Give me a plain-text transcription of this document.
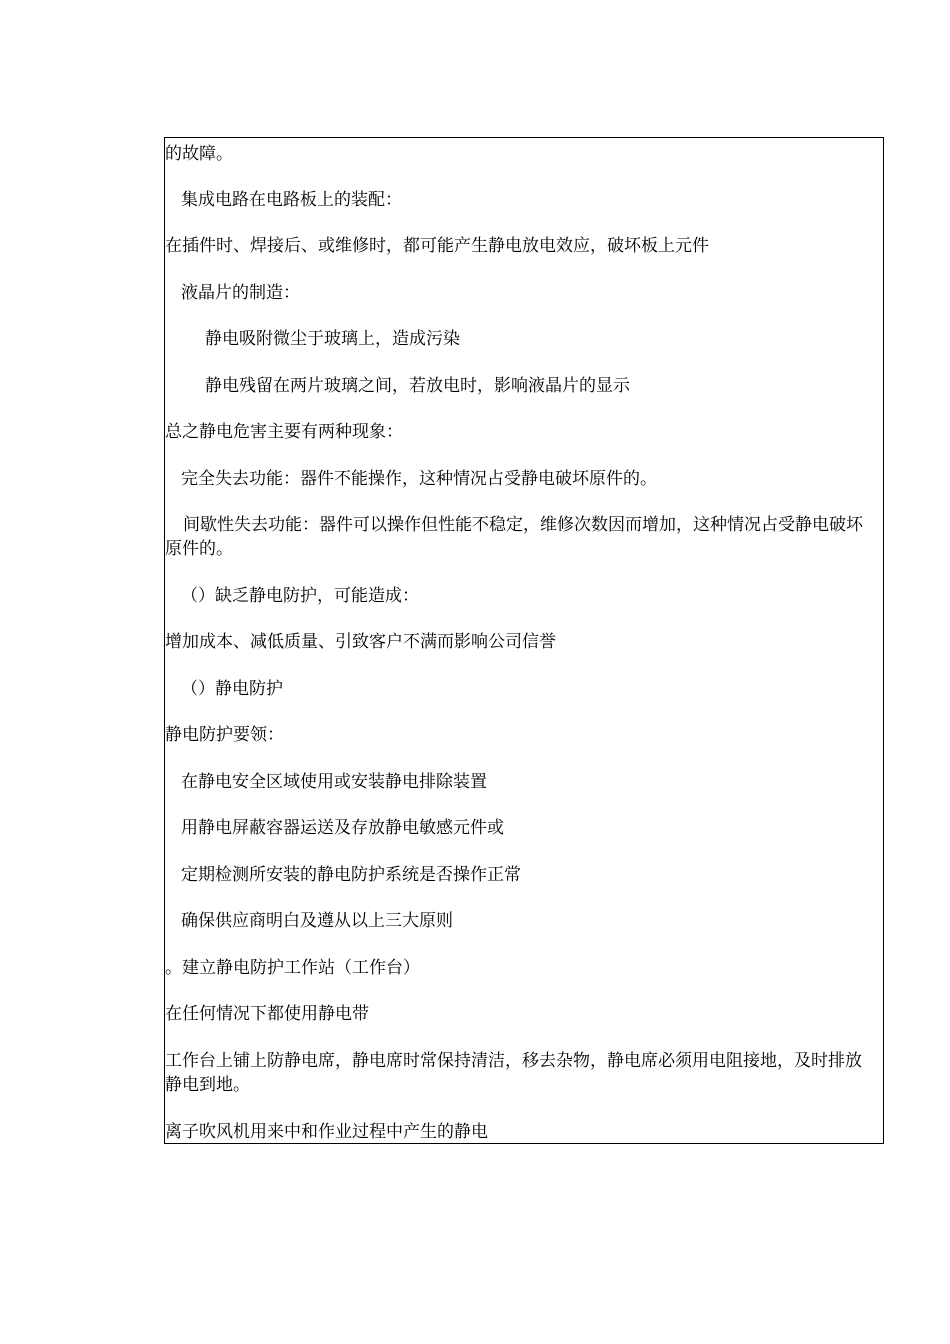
的故障。
集成电路在电路板上的装配：
在插件时、焊接后、或维修时，都可能产生静电放电效应，破坏板上元件
液晶片的制造：
静电吸附微尘于玻璃上，造成污染
静电残留在两片玻璃之间，若放电时，影响液晶片的显示
总之静电危害主要有两种现象：
完全失去功能：器件不能操作，这种情况占受静电破坏原件的。
间歇性失去功能：器件可以操作但性能不稳定，维修次数因而增加，这种情况占受静电破坏原件的。
（）缺乏静电防护，可能造成：
增加成本、减低质量、引致客户不满而影响公司信誉
（）静电防护
静电防护要领：
在静电安全区域使用或安装静电排除装置
用静电屏蔽容器运送及存放静电敏感元件或
定期检测所安装的静电防护系统是否操作正常
确保供应商明白及遵从以上三大原则
。建立静电防护工作站（工作台）
在任何情况下都使用静电带
工作台上铺上防静电席，静电席时常保持清洁，移去杂物，静电席必须用电阻接地，及时排放静电到地。
离子吹风机用来中和作业过程中产生的静电
